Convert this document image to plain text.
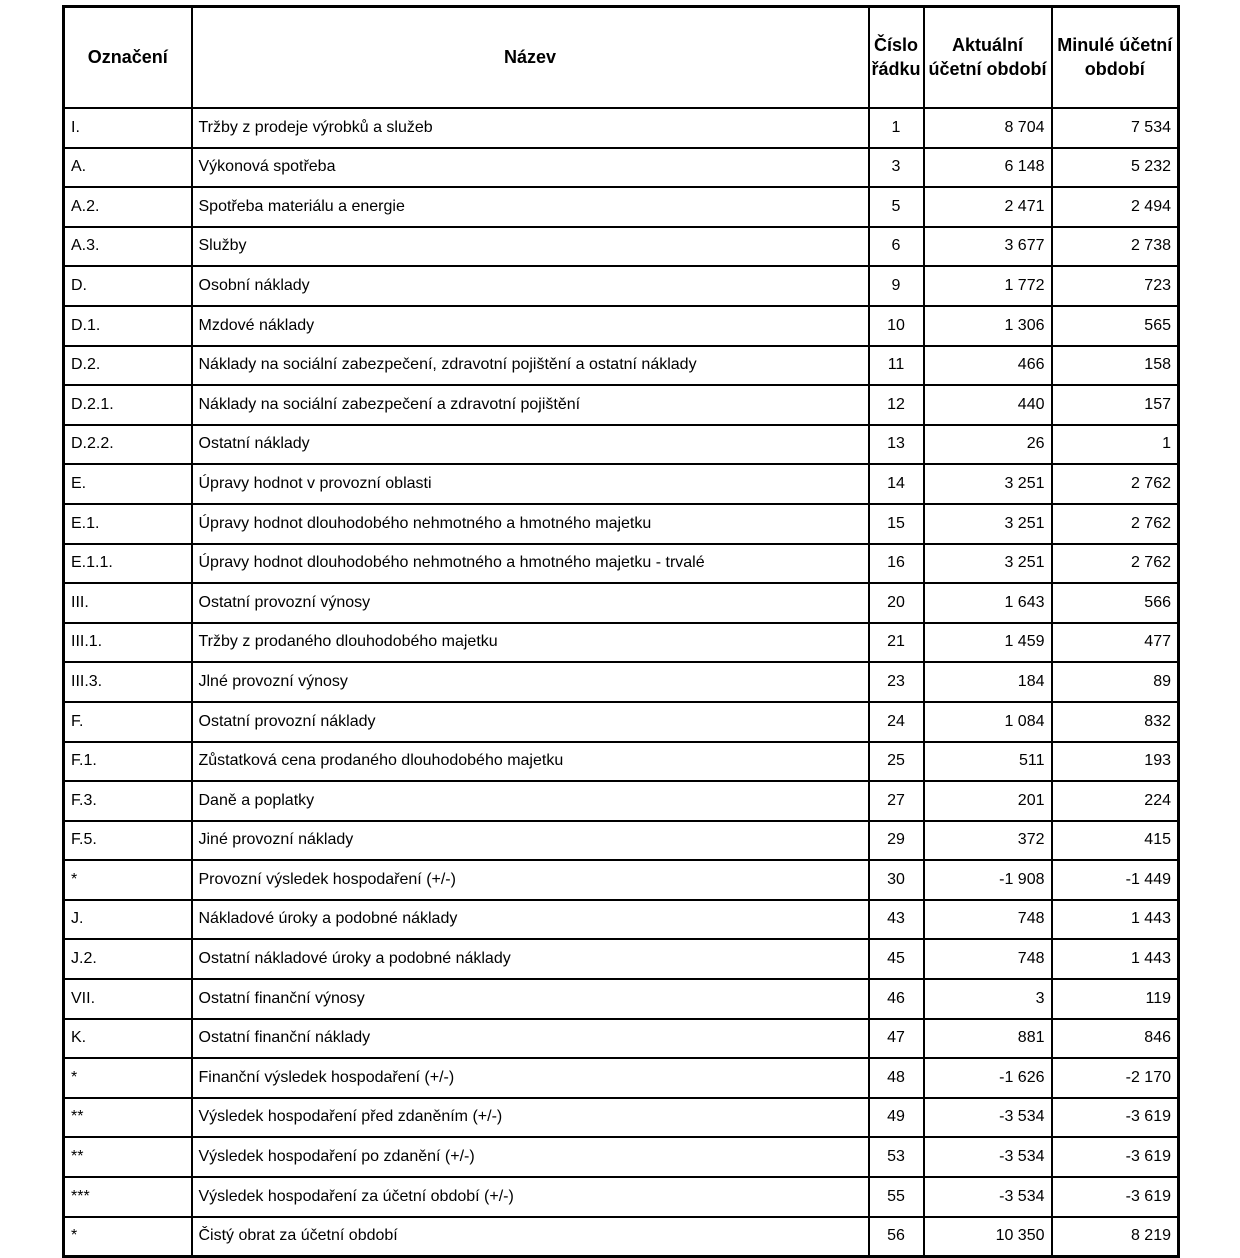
Označení	Název	Číslo řádku	Aktuální účetní období	Minulé účetní období
I.	Tržby z prodeje výrobků a služeb	1	8 704	7 534
A.	Výkonová spotřeba	3	6 148	5 232
A.2.	Spotřeba materiálu a energie	5	2 471	2 494
A.3.	Služby	6	3 677	2 738
D.	Osobní náklady	9	1 772	723
D.1.	Mzdové náklady	10	1 306	565
D.2.	Náklady na sociální zabezpečení, zdravotní pojištění a ostatní náklady	11	466	158
D.2.1.	Náklady na sociální zabezpečení a zdravotní pojištění	12	440	157
D.2.2.	Ostatní náklady	13	26	1
E.	Úpravy hodnot v provozní oblasti	14	3 251	2 762
E.1.	Úpravy hodnot dlouhodobého nehmotného a hmotného majetku	15	3 251	2 762
E.1.1.	Úpravy hodnot dlouhodobého nehmotného a hmotného majetku - trvalé	16	3 251	2 762
III.	Ostatní provozní výnosy	20	1 643	566
III.1.	Tržby z prodaného dlouhodobého majetku	21	1 459	477
III.3.	Jlné provozní výnosy	23	184	89
F.	Ostatní provozní náklady	24	1 084	832
F.1.	Zůstatková cena prodaného dlouhodobého majetku	25	511	193
F.3.	Daně a poplatky	27	201	224
F.5.	Jiné provozní náklady	29	372	415
*	Provozní výsledek hospodaření (+/-)	30	-1 908	-1 449
J.	Nákladové úroky a podobné náklady	43	748	1 443
J.2.	Ostatní nákladové úroky a podobné náklady	45	748	1 443
VII.	Ostatní finanční výnosy	46	3	119
K.	Ostatní finanční náklady	47	881	846
*	Finanční výsledek hospodaření (+/-)	48	-1 626	-2 170
**	Výsledek hospodaření před zdaněním (+/-)	49	-3 534	-3 619
**	Výsledek hospodaření po zdanění (+/-)	53	-3 534	-3 619
***	Výsledek hospodaření za účetní období (+/-)	55	-3 534	-3 619
*	Čistý obrat za účetní období	56	10 350	8 219
